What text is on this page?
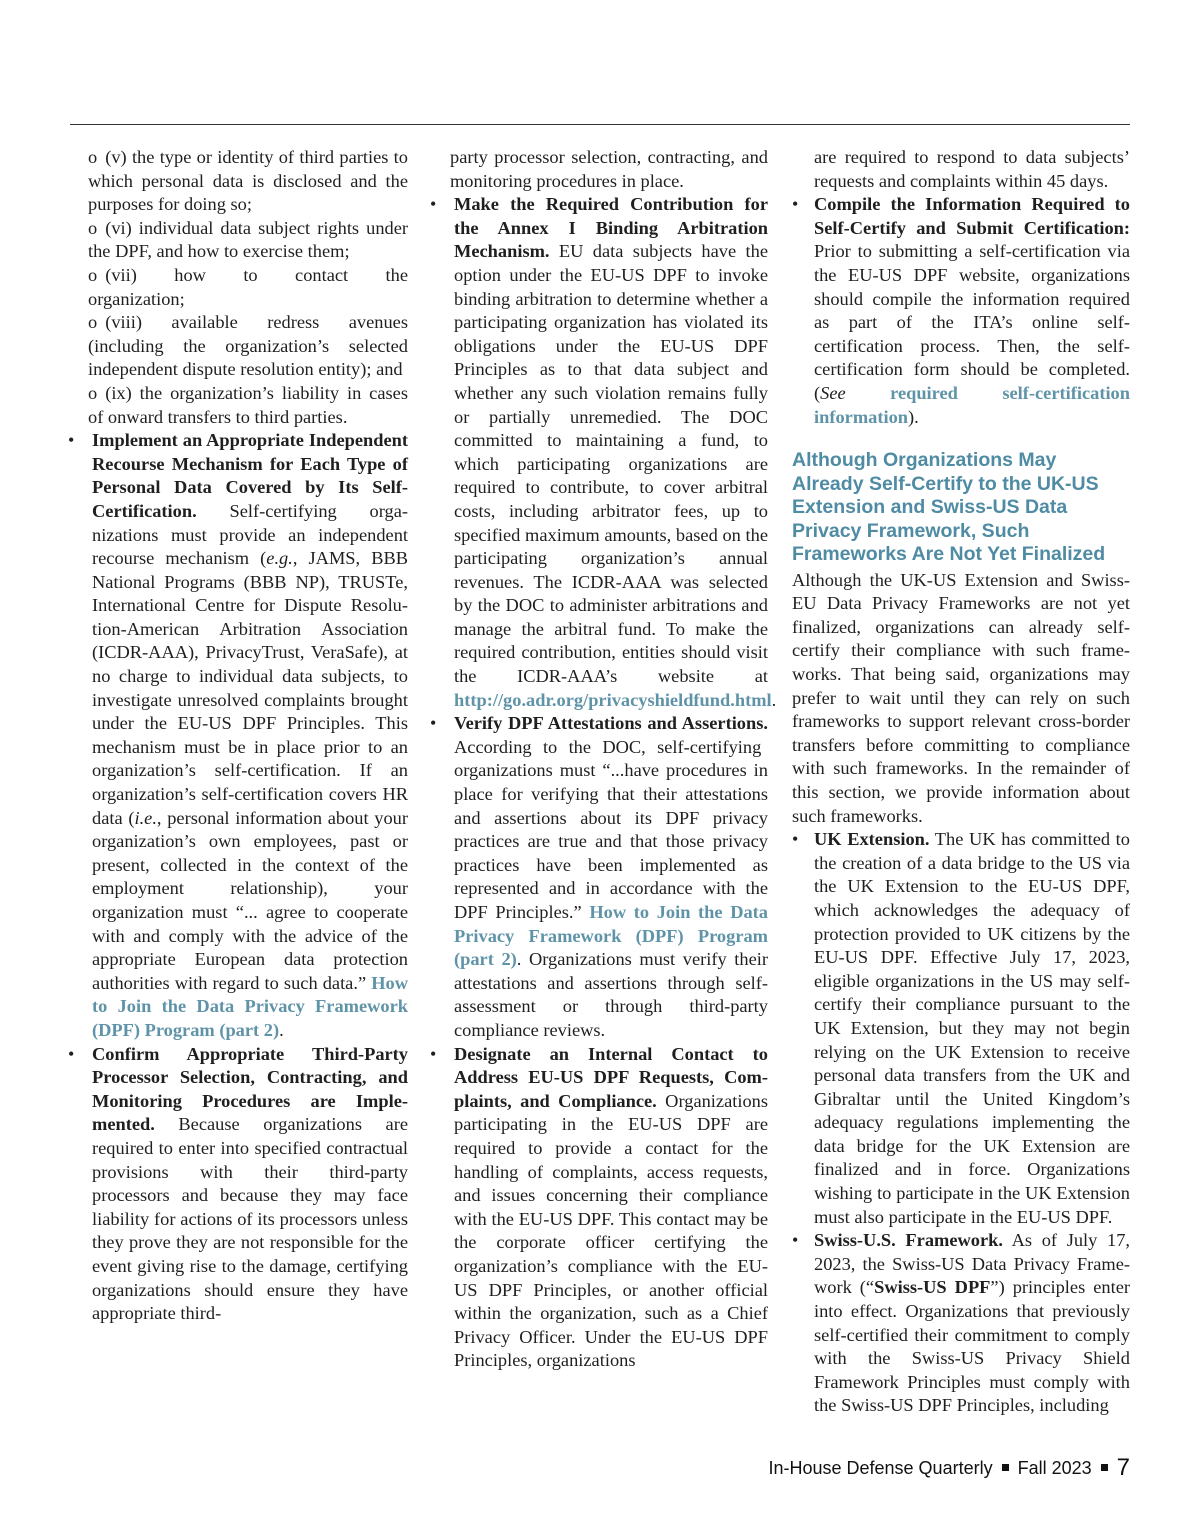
o (v) the type or identity of third parties to which personal data is disclosed and the purposes for doing so;

o (vi) individual data subject rights under the DPF, and how to exercise them;

o (vii) how to contact the organization;

o (viii) available redress avenues (including the organization’s selected independent dispute resolution entity); and

o (ix) the organization’s liability in cases of onward transfers to third parties.

• Implement an Appropriate Independent Recourse Mechanism for Each Type of Personal Data Covered by Its Self-Certification. Self-certifying organizations must provide an independent recourse mechanism (e.g., JAMS, BBB National Programs (BBB NP), TRUSTe, International Centre for Dispute Resolution-American Arbitration Association (ICDR-AAA), PrivacyTrust, VeraSafe), at no charge to individual data subjects, to investigate unresolved complaints brought under the EU-US DPF Principles. This mechanism must be in place prior to an organization’s self-certification. If an organization’s self-certification covers HR data (i.e., personal information about your organization’s own employees, past or present, collected in the context of the employment relationship), your organization must “... agree to cooperate with and comply with the advice of the appropriate European data protection authorities with regard to such data.” How to Join the Data Privacy Framework (DPF) Program (part 2).
• Confirm Appropriate Third-Party Processor Selection, Contracting, and Monitoring Procedures are Implemented. Because organizations are required to enter into specified contractual provisions with their third-party processors and because they may face liability for actions of its processors unless they prove they are not responsible for the event giving rise to the damage, certifying organizations should ensure they have appropriate third-

party processor selection, contracting, and monitoring procedures in place.

• Make the Required Contribution for the Annex I Binding Arbitration Mechanism. EU data subjects have the option under the EU-US DPF to invoke binding arbitration to determine whether a participating organization has violated its obligations under the EU-US DPF Principles as to that data subject and whether any such violation remains fully or partially unremedied. The DOC committed to maintaining a fund, to which participating organizations are required to contribute, to cover arbitral costs, including arbitrator fees, up to specified maximum amounts, based on the participating organization’s annual revenues. The ICDR-AAA was selected by the DOC to administer arbitrations and manage the arbitral fund. To make the required contribution, entities should visit the ICDR-AAA’s website at http://go.adr.org/privacyshieldfund.html.
• Verify DPF Attestations and Assertions. According to the DOC, self-certifying organizations must “...have procedures in place for verifying that their attestations and assertions about its DPF privacy practices are true and that those privacy practices have been implemented as represented and in accordance with the DPF Principles.” How to Join the Data Privacy Framework (DPF) Program (part 2). Organizations must verify their attestations and assertions through self-assessment or through third-party compliance reviews.
• Designate an Internal Contact to Address EU-US DPF Requests, Complaints, and Compliance. Organizations participating in the EU-US DPF are required to provide a contact for the handling of complaints, access requests, and issues concerning their compliance with the EU-US DPF. This contact may be the corporate officer certifying the organization’s compliance with the EU-US DPF Principles, or another official within the organization, such as a Chief Privacy Officer. Under the EU-US DPF Principles, organizations

are required to respond to data subjects’ requests and complaints within 45 days.

• Compile the Information Required to Self-Certify and Submit Certification: Prior to submitting a self-certification via the EU-US DPF website, organizations should compile the information required as part of the ITA’s online self-certification process. Then, the self-certification form should be completed. (See required self-certification information).
Although Organizations May Already Self-Certify to the UK-US Extension and Swiss-US Data Privacy Framework, Such Frameworks Are Not Yet Finalized

Although the UK-US Extension and Swiss-EU Data Privacy Frameworks are not yet finalized, organizations can already self-certify their compliance with such frameworks. That being said, organizations may prefer to wait until they can rely on such frameworks to support relevant cross-border transfers before committing to compliance with such frameworks. In the remainder of this section, we provide information about such frameworks.

• UK Extension. The UK has committed to the creation of a data bridge to the US via the UK Extension to the EU-US DPF, which acknowledges the adequacy of protection provided to UK citizens by the EU-US DPF. Effective July 17, 2023, eligible organizations in the US may self-certify their compliance pursuant to the UK Extension, but they may not begin relying on the UK Extension to receive personal data transfers from the UK and Gibraltar until the United Kingdom’s adequacy regulations implementing the data bridge for the UK Extension are finalized and in force. Organizations wishing to participate in the UK Extension must also participate in the EU-US DPF.
• Swiss-U.S. Framework. As of July 17, 2023, the Swiss-US Data Privacy Framework (“Swiss-US DPF”) principles enter into effect. Organizations that previously self-certified their commitment to comply with the Swiss-US Privacy Shield Framework Principles must comply with the Swiss-US DPF Principles, including
In-House Defense Quarterly Fall 2023 7
